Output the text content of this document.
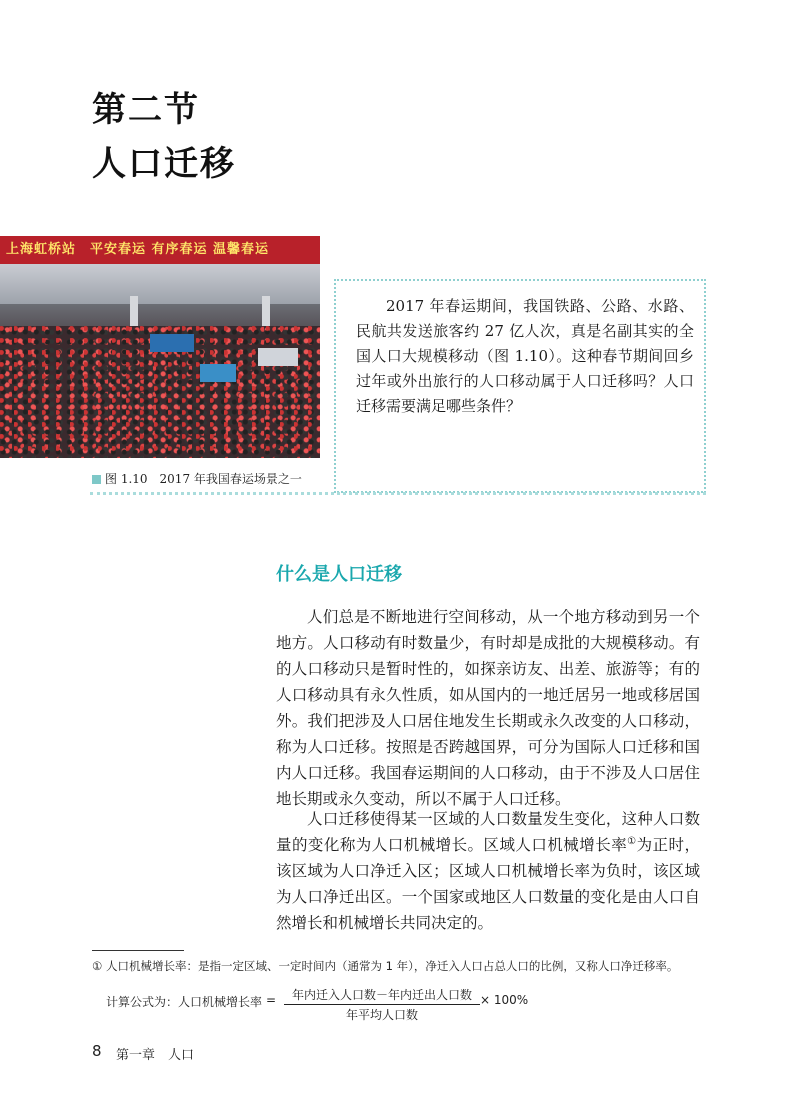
第二节
人口迁移
上海虹桥站　平安春运 有序春运 温馨春运
图 1.10　2017 年我国春运场景之一
2017 年春运期间，我国铁路、公路、水路、民航共发送旅客约 27 亿人次，真是名副其实的全国人口大规模移动（图 1.10）。这种春节期间回乡过年或外出旅行的人口移动属于人口迁移吗？人口迁移需要满足哪些条件？
什么是人口迁移

人们总是不断地进行空间移动，从一个地方移动到另一个地方。人口移动有时数量少，有时却是成批的大规模移动。有的人口移动只是暂时性的，如探亲访友、出差、旅游等；有的人口移动具有永久性质，如从国内的一地迁居另一地或移居国外。我们把涉及人口居住地发生长期或永久改变的人口移动，称为人口迁移。按照是否跨越国界，可分为国际人口迁移和国内人口迁移。我国春运期间的人口移动，由于不涉及人口居住地长期或永久变动，所以不属于人口迁移。

人口迁移使得某一区域的人口数量发生变化，这种人口数量的变化称为人口机械增长。区域人口机械增长率①为正时，该区域为人口净迁入区；区域人口机械增长率为负时，该区域为人口净迁出区。一个国家或地区人口数量的变化是由人口自然增长和机械增长共同决定的。

① 人口机械增长率：是指一定区域、一定时间内（通常为 1 年），净迁入人口占总人口的比例，又称人口净迁移率。
计算公式为：人口机械增长率 =	年内迁入人口数－年内迁出人口数
年平均人口数
× 100%
8 第一章　人口
